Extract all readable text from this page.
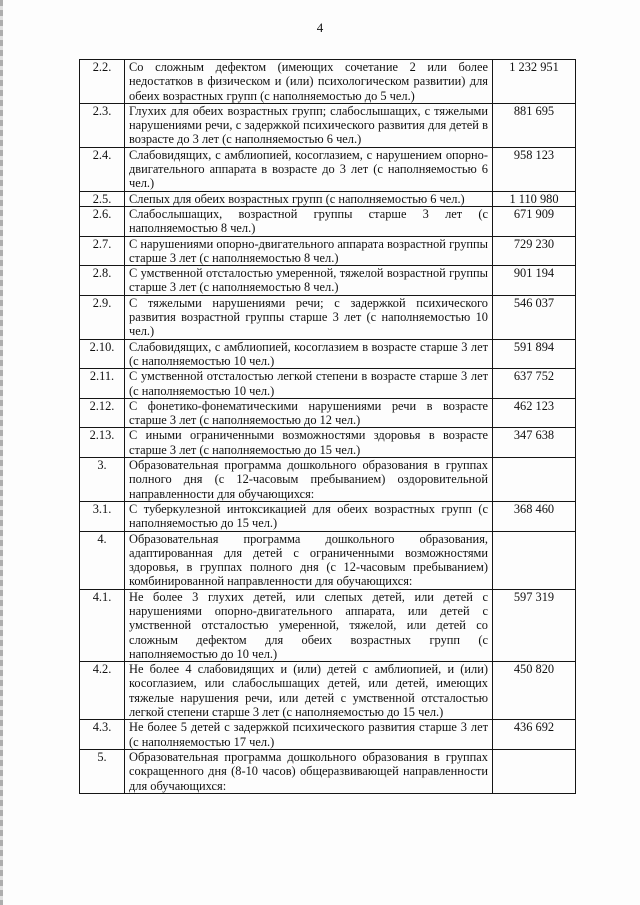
4
2.2.	Со сложным дефектом (имеющих сочетание 2 или более недостатков в физическом и (или) психологическом развитии) для обеих возрастных групп (с наполняемостью до 5 чел.)	1 232 951
2.3.	Глухих для обеих возрастных групп; слабослышащих, с тяжелыми нарушениями речи, с задержкой психического развития для детей в возрасте до 3 лет (с наполняемостью 6 чел.)	881 695
2.4.	Слабовидящих, с амблиопией, косоглазием, с нарушением опорно-двигательного аппарата в возрасте до 3 лет (с наполняемостью 6 чел.)	958 123
2.5.	Слепых для обеих возрастных групп (с наполняемостью 6 чел.)	1 110 980
2.6.	Слабослышащих, возрастной группы старше 3 лет (с наполняемостью 8 чел.)	671 909
2.7.	С нарушениями опорно-двигательного аппарата возрастной группы старше 3 лет (с наполняемостью 8 чел.)	729 230
2.8.	С умственной отсталостью умеренной, тяжелой возрастной группы старше 3 лет (с наполняемостью 8 чел.)	901 194
2.9.	С тяжелыми нарушениями речи; с задержкой психического развития возрастной группы старше 3 лет (с наполняемостью 10 чел.)	546 037
2.10.	Слабовидящих, с амблиопией, косоглазием в возрасте старше 3 лет (с наполняемостью 10 чел.)	591 894
2.11.	С умственной отсталостью легкой степени в возрасте старше 3 лет (с наполняемостью 10 чел.)	637 752
2.12.	С фонетико-фонематическими нарушениями речи в возрасте старше 3 лет (с наполняемостью до 12 чел.)	462 123
2.13.	С иными ограниченными возможностями здоровья в возрасте старше 3 лет (с наполняемостью до 15 чел.)	347 638
3.	Образовательная программа дошкольного образования в группах полного дня (с 12-часовым пребыванием) оздоровительной направленности для обучающихся:	
3.1.	С туберкулезной интоксикацией для обеих возрастных групп (с наполняемостью до 15 чел.)	368 460
4.	Образовательная программа дошкольного образования, адаптированная для детей с ограниченными возможностями здоровья, в группах полного дня (с 12-часовым пребыванием) комбинированной направленности для обучающихся:	
4.1.	Не более 3 глухих детей, или слепых детей, или детей с нарушениями опорно-двигательного аппарата, или детей с умственной отсталостью умеренной, тяжелой, или детей со сложным дефектом для обеих возрастных групп (с наполняемостью до 10 чел.)	597 319
4.2.	Не более 4 слабовидящих и (или) детей с амблиопией, и (или) косоглазием, или слабослышащих детей, или детей, имеющих тяжелые нарушения речи, или детей с умственной отсталостью легкой степени старше 3 лет (с наполняемостью до 15 чел.)	450 820
4.3.	Не более 5 детей с задержкой психического развития старше 3 лет (с наполняемостью 17 чел.)	436 692
5.	Образовательная программа дошкольного образования в группах сокращенного дня (8-10 часов) общеразвивающей направленности для обучающихся:	
